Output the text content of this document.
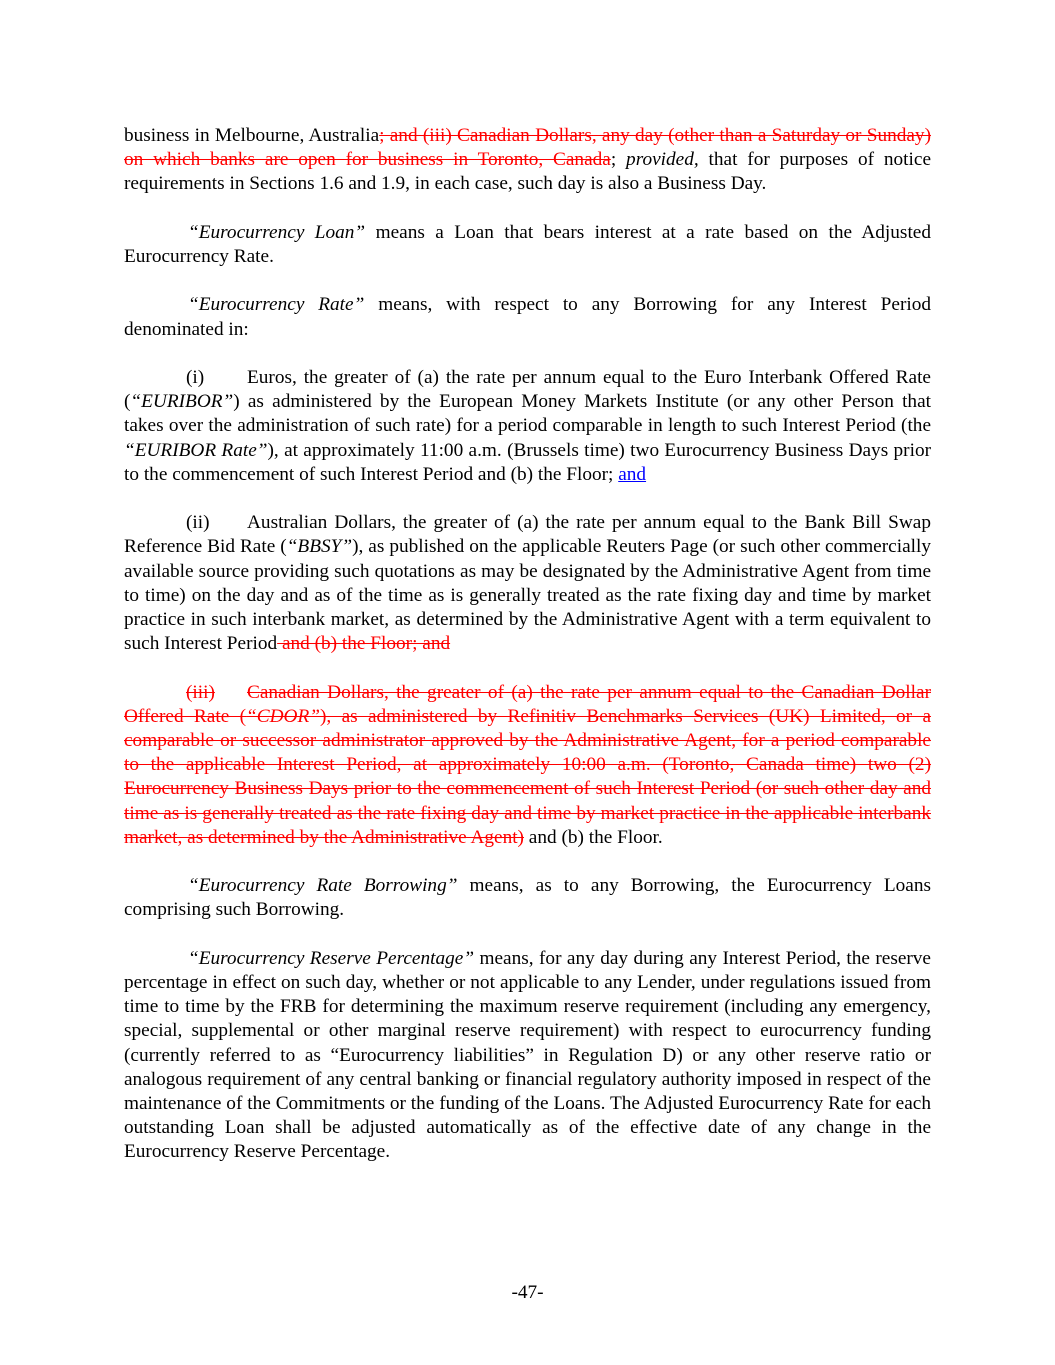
business in Melbourne, Australia; and (iii) Canadian Dollars, any day (other than a Saturday or Sunday) on which banks are open for business in Toronto, Canada; provided, that for purposes of notice requirements in Sections 1.6 and 1.9, in each case, such day is also a Business Day.

“Eurocurrency Loan” means a Loan that bears interest at a rate based on the Adjusted Eurocurrency Rate.

“Eurocurrency Rate” means, with respect to any Borrowing for any Interest Period denominated in:

(i) Euros, the greater of (a) the rate per annum equal to the Euro Interbank Offered Rate (“EURIBOR”) as administered by the European Money Markets Institute (or any other Person that takes over the administration of such rate) for a period comparable in length to such Interest Period (the “EURIBOR Rate”), at approximately 11:00 a.m. (Brussels time) two Eurocurrency Business Days prior to the commencement of such Interest Period and (b) the Floor; and

(ii) Australian Dollars, the greater of (a) the rate per annum equal to the Bank Bill Swap Reference Bid Rate (“BBSY”), as published on the applicable Reuters Page (or such other commercially available source providing such quotations as may be designated by the Administrative Agent from time to time) on the day and as of the time as is generally treated as the rate fixing day and time by market practice in such interbank market, as determined by the Administrative Agent with a term equivalent to such Interest Period and (b) the Floor; and

(iii) Canadian Dollars, the greater of (a) the rate per annum equal to the Canadian Dollar Offered Rate (“CDOR”), as administered by Refinitiv Benchmarks Services (UK) Limited, or a comparable or successor administrator approved by the Administrative Agent, for a period comparable to the applicable Interest Period, at approximately 10:00 a.m. (Toronto, Canada time) two (2) Eurocurrency Business Days prior to the commencement of such Interest Period (or such other day and time as is generally treated as the rate fixing day and time by market practice in the applicable interbank market, as determined by the Administrative Agent) and (b) the Floor.

“Eurocurrency Rate Borrowing” means, as to any Borrowing, the Eurocurrency Loans comprising such Borrowing.

“Eurocurrency Reserve Percentage” means, for any day during any Interest Period, the reserve percentage in effect on such day, whether or not applicable to any Lender, under regulations issued from time to time by the FRB for determining the maximum reserve requirement (including any emergency, special, supplemental or other marginal reserve requirement) with respect to eurocurrency funding (currently referred to as “Eurocurrency liabilities” in Regulation D) or any other reserve ratio or analogous requirement of any central banking or financial regulatory authority imposed in respect of the maintenance of the Commitments or the funding of the Loans. The Adjusted Eurocurrency Rate for each outstanding Loan shall be adjusted automatically as of the effective date of any change in the Eurocurrency Reserve Percentage.

-47-
